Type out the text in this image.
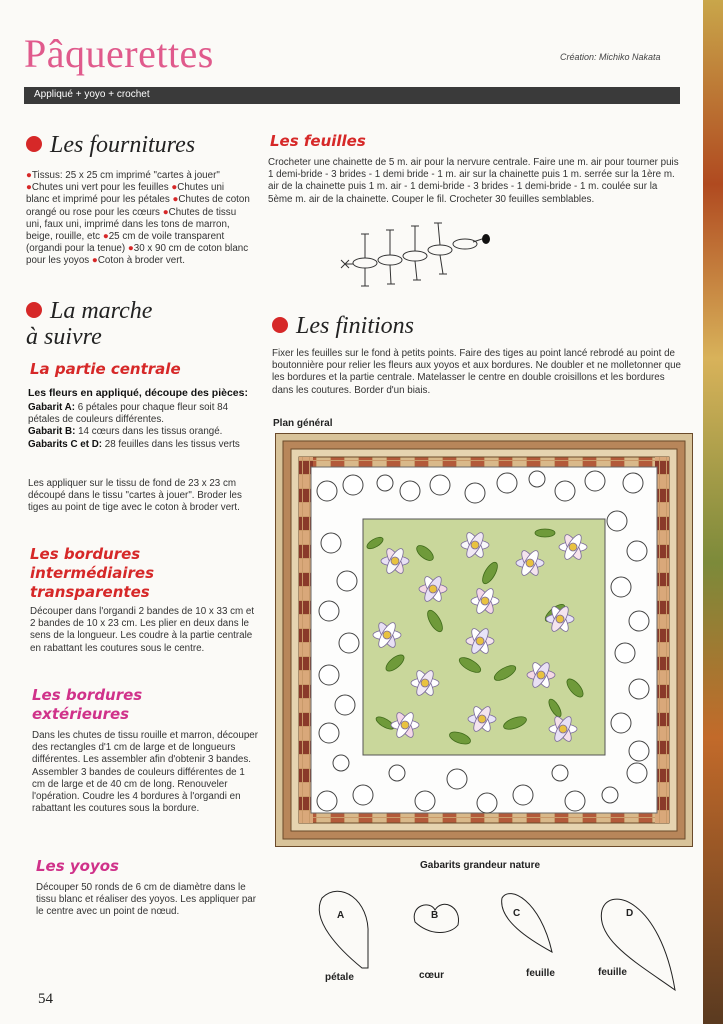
Pâquerettes	Création: Michiko Nakata
Appliqué + yoyo + crochet
Les fournitures
●Tissus: 25 x 25 cm imprimé "cartes à jouer" ●Chutes uni vert pour les feuilles ●Chutes uni blanc et imprimé pour les pétales ●Chutes de coton orangé ou rose pour les cœurs ●Chutes de tissu uni, faux uni, imprimé dans les tons de marron, beige, rouille, etc ●25 cm de voile transparent (organdi pour la tenue) ●30 x 90 cm de coton blanc pour les yoyos ●Coton à broder vert.
La marche
à suivre
La partie centrale
Les fleurs en appliqué, découpe des pièces:
Gabarit A: 6 pétales pour chaque fleur soit 84 pétales de couleurs différentes.
Gabarit B: 14 cœurs dans les tissus orangé.
Gabarits C et D: 28 feuilles dans les tissus verts
Les appliquer sur le tissu de fond de 23 x 23 cm découpé dans le tissu "cartes à jouer". Broder les tiges au point de tige avec le coton à broder vert.
Les bordures
intermédiaires
transparentes
Découper dans l'organdi 2 bandes de 10 x 33 cm et 2 bandes de 10 x 23 cm. Les plier en deux dans le sens de la longueur. Les coudre à la partie centrale en rabattant les coutures sous le centre.
Les bordures
extérieures
Dans les chutes de tissu rouille et marron, découper des rectangles d'1 cm de large et de longueurs différentes. Les assembler afin d'obtenir 3 bandes. Assembler 3 bandes de couleurs différentes de 1 cm de large et de 40 cm de long. Renouveler l'opération. Coudre les 4 bordures à l'organdi en rabattant les coutures sous la bordure.
Les yoyos
Découper 50 ronds de 6 cm de diamètre dans le tissu blanc et réaliser des yoyos. Les appliquer par le centre avec un point de nœud.
Les feuilles
Crocheter une chainette de 5 m. air pour la nervure centrale. Faire une m. air pour tourner puis 1 demi-bride - 3 brides - 1 demi bride - 1 m. air sur la chainette puis 1 m. serrée sur la 1ère m. air de la chainette puis 1 m. air - 1 demi-bride - 3 brides - 1 demi-bride - 1 m. coulée sur la 5ème m. air de la chainette. Couper le fil. Crocheter 30 feuilles semblables.
Les finitions
Fixer les feuilles sur le fond à petits points. Faire des tiges au point lancé rebrodé au point de boutonnière pour relier les fleurs aux yoyos et aux bordures. Ne doubler et ne molletonner que les bordures et la partie centrale. Matelasser le centre en double croisillons et les bordures dans les coutures. Border d'un biais.
Plan général
Gabarits grandeur nature
A	B	C	D
pétale	cœur	feuille	feuille
54
